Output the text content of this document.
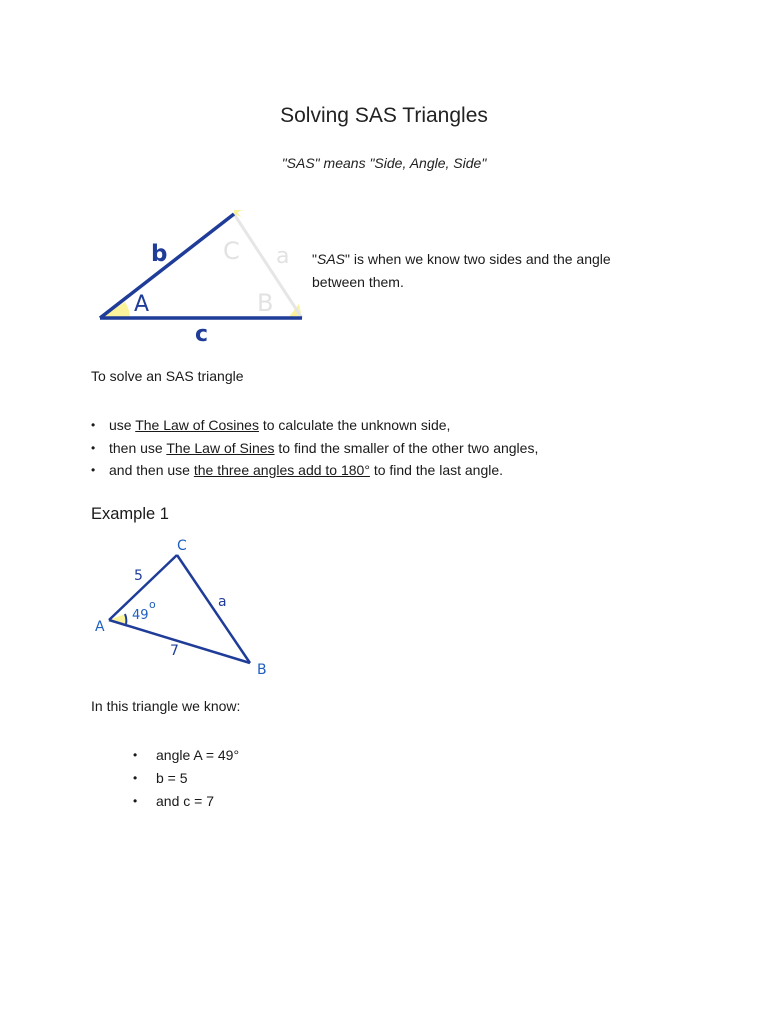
Solving SAS Triangles
"SAS" means "Side, Angle, Side"
b
A
c
C a
B
"SAS" is when we know two sides and the angle between them.
To solve an SAS triangle
• use The Law of Cosines to calculate the unknown side,
• then use The Law of Sines to find the smaller of the other two angles,
• and then use the three angles add to 180° to find the last angle.
Example 1
C
5
49
o	a
A
7
B
In this triangle we know:
• angle A = 49°
• b = 5
• and c = 7
